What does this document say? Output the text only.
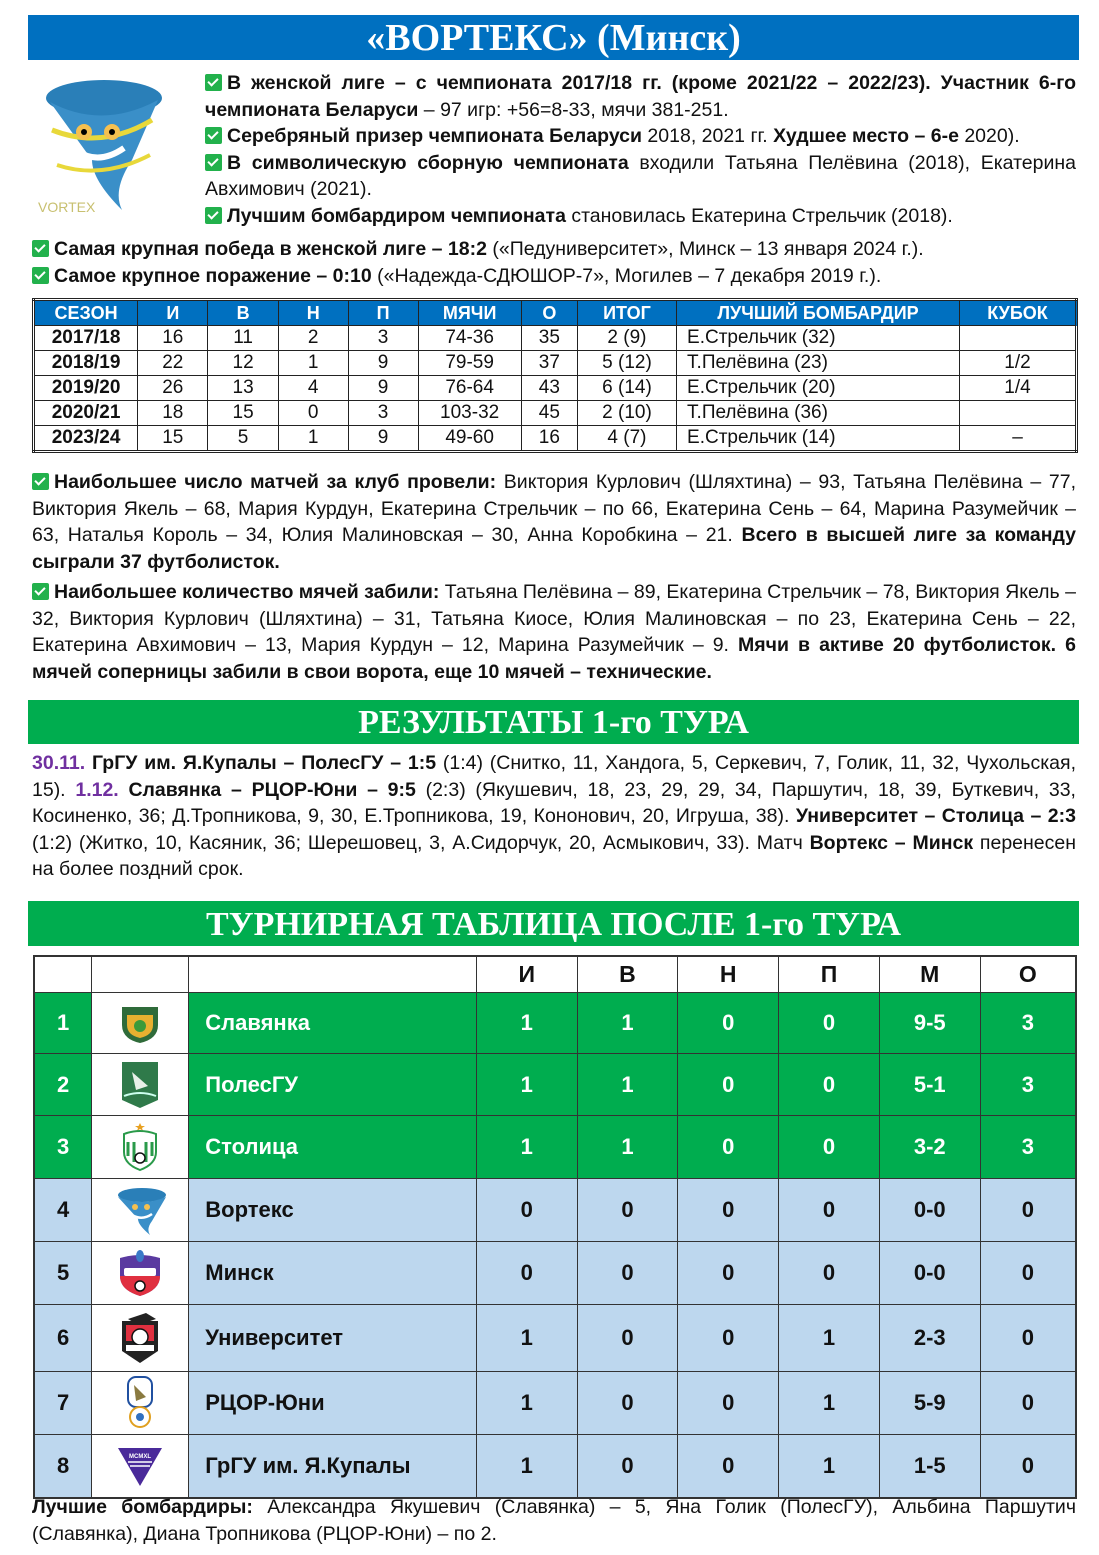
«ВОРТЕКС» (Минск)
VORTEX
В женской лиге – с чемпионата 2017/18 гг. (кроме 2021/22 – 2022/23). Участник 6-го чемпионата Беларуси – 97 игр: +56=8-33, мячи 381-251.
Серебряный призер чемпионата Беларуси 2018, 2021 гг. Худшее место – 6-е 2020).
В символическую сборную чемпионата входили Татьяна Пелёвина (2018), Екатерина Авхимович (2021).
Лучшим бомбардиром чемпионата становилась Екатерина Стрельчик (2018).
Самая крупная победа в женской лиге – 18:2 («Педуниверситет», Минск – 13 января 2024 г.).
Самое крупное поражение – 0:10 («Надежда-СДЮШОР-7», Могилев – 7 декабря 2019 г.).
СЕЗОН	И	В	Н	П	МЯЧИ	О	ИТОГ	ЛУЧШИЙ БОМБАРДИР	КУБОК
2017/18	16	11	2	3	74-36	35	2 (9)	Е.Стрельчик (32)	
2018/19	22	12	1	9	79-59	37	5 (12)	Т.Пелёвина (23)	1/2
2019/20	26	13	4	9	76-64	43	6 (14)	Е.Стрельчик (20)	1/4
2020/21	18	15	0	3	103-32	45	2 (10)	Т.Пелёвина (36)	
2023/24	15	5	1	9	49-60	16	4 (7)	Е.Стрельчик (14)	–
Наибольшее число матчей за клуб провели: Виктория Курлович (Шляхтина) – 93, Татьяна Пелёвина – 77, Виктория Якель – 68, Мария Курдун, Екатерина Стрельчик – по 66, Екатерина Сень – 64, Марина Разумейчик – 63, Наталья Король – 34, Юлия Малиновская – 30, Анна Коробкина – 21. Всего в высшей лиге за команду сыграли 37 футболисток.
Наибольшее количество мячей забили: Татьяна Пелёвина – 89, Екатерина Стрельчик – 78, Виктория Якель – 32, Виктория Курлович (Шляхтина) – 31, Татьяна Киосе, Юлия Малиновская – по 23, Екатерина Сень – 22, Екатерина Авхимович – 13, Мария Курдун – 12, Марина Разумейчик – 9. Мячи в активе 20 футболисток. 6 мячей соперницы забили в свои ворота, еще 10 мячей – технические.
РЕЗУЛЬТАТЫ 1-го ТУРА
30.11. ГрГУ им. Я.Купалы – ПолесГУ – 1:5 (1:4) (Снитко, 11, Хандога, 5, Серкевич, 7, Голик, 11, 32, Чухольская, 15). 1.12. Славянка – РЦОР-Юни – 9:5 (2:3) (Якушевич, 18, 23, 29, 29, 34, Паршутич, 18, 39, Буткевич, 33, Косиненко, 36; Д.Тропникова, 9, 30, Е.Тропникова, 19, Кононович, 20, Игруша, 38). Университет – Столица – 2:3 (1:2) (Житко, 10, Касяник, 36; Шерешовец, 3, А.Сидорчук, 20, Асмыкович, 33). Матч Вортекс – Минск перенесен на более поздний срок.
ТУРНИРНАЯ ТАБЛИЦА ПОСЛЕ 1-го ТУРА
			И	В	Н	П	М	О
1		Славянка	1	1	0	0	9-5	3
2		ПолесГУ	1	1	0	0	5-1	3
3		Столица	1	1	0	0	3-2	3
4		Вортекс	0	0	0	0	0-0	0
5		Минск	0	0	0	0	0-0	0
6		Университет	1	0	0	1	2-3	0
7		РЦОР-Юни	1	0	0	1	5-9	0
8	MCMXL	ГрГУ им. Я.Купалы	1	0	0	1	1-5	0
Лучшие бомбардиры: Александра Якушевич (Славянка) – 5, Яна Голик (ПолесГУ), Альбина Паршутич (Славянка), Диана Тропникова (РЦОР-Юни) – по 2.
